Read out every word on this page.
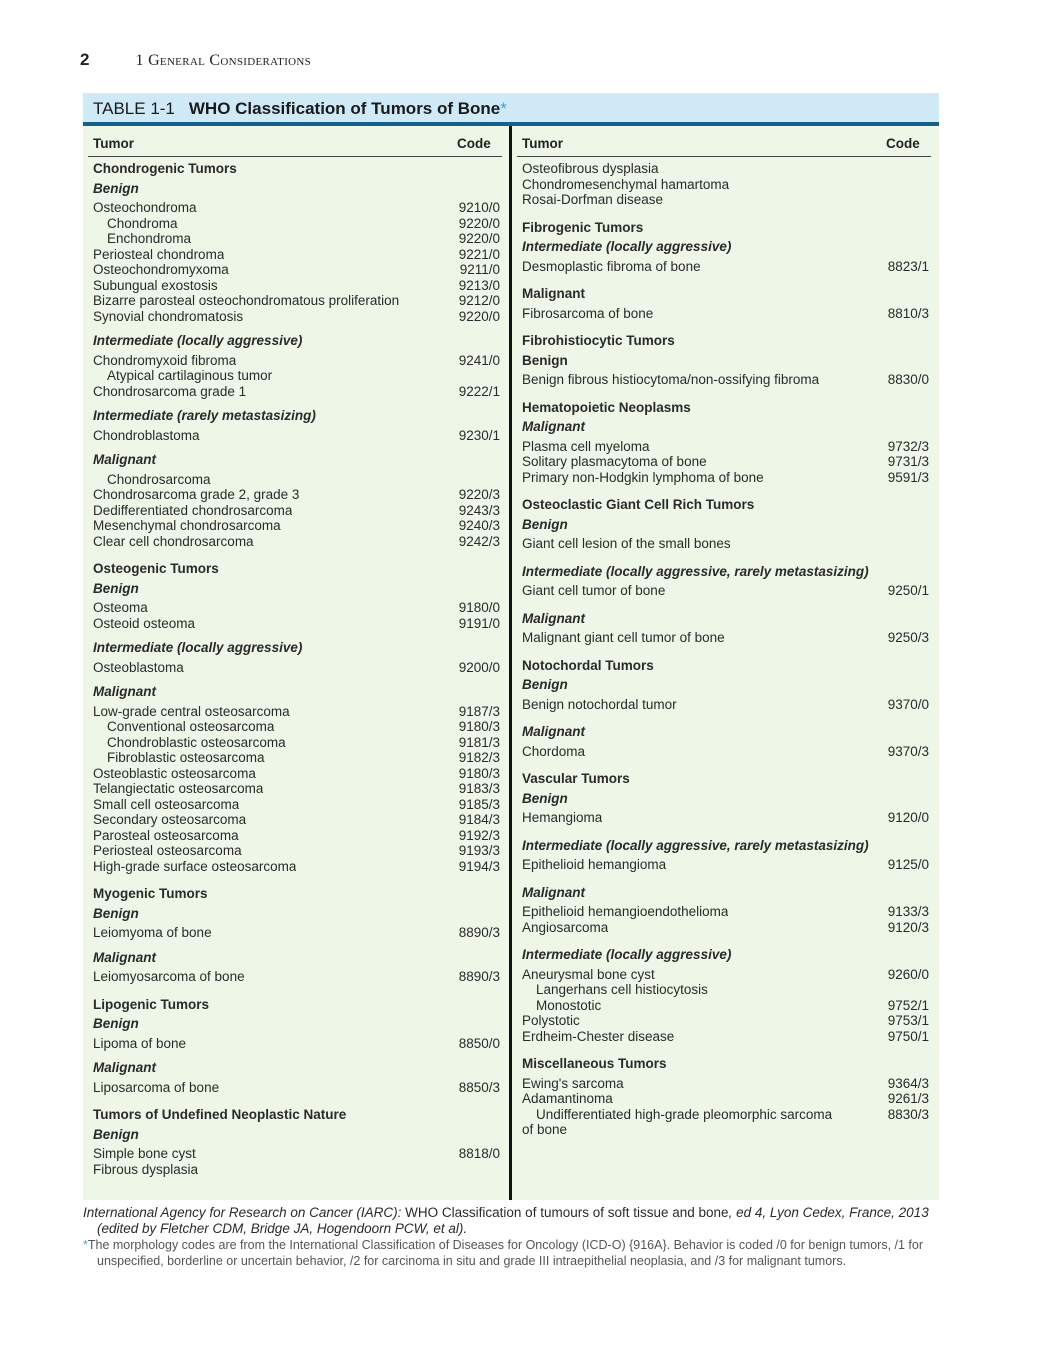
2	1 General Considerations
TABLE 1-1 WHO Classification of Tumors of Bone*
Tumor	Code Tumor	Code
Chondrogenic Tumors
Benign
Osteochondroma	9210/0
Chondroma	9220/0
Enchondroma	9220/0
Periosteal chondroma	9221/0
Osteochondromyxoma	9211/0
Subungual exostosis	9213/0
Bizarre parosteal osteochondromatous proliferation	9212/0
Synovial chondromatosis	9220/0
Intermediate (locally aggressive)
Chondromyxoid fibroma	9241/0
Atypical cartilaginous tumor
Chondrosarcoma grade 1	9222/1
Intermediate (rarely metastasizing)
Chondroblastoma	9230/1
Malignant
Chondrosarcoma
Chondrosarcoma grade 2, grade 3	9220/3
Dedifferentiated chondrosarcoma	9243/3
Mesenchymal chondrosarcoma	9240/3
Clear cell chondrosarcoma	9242/3
Osteogenic Tumors
Benign
Osteoma	9180/0
Osteoid osteoma	9191/0
Intermediate (locally aggressive)
Osteoblastoma	9200/0
Malignant
Low-grade central osteosarcoma	9187/3
Conventional osteosarcoma	9180/3
Chondroblastic osteosarcoma	9181/3
Fibroblastic osteosarcoma	9182/3
Osteoblastic osteosarcoma	9180/3
Telangiectatic osteosarcoma	9183/3
Small cell osteosarcoma	9185/3
Secondary osteosarcoma	9184/3
Parosteal osteosarcoma	9192/3
Periosteal osteosarcoma	9193/3
High-grade surface osteosarcoma	9194/3
Myogenic Tumors
Benign
Leiomyoma of bone	8890/3
Malignant
Leiomyosarcoma of bone	8890/3
Lipogenic Tumors
Benign
Lipoma of bone	8850/0
Malignant
Liposarcoma of bone	8850/3
Tumors of Undefined Neoplastic Nature
Benign
Simple bone cyst	8818/0
Fibrous dysplasia
Osteofibrous dysplasia
Chondromesenchymal hamartoma
Rosai-Dorfman disease
Fibrogenic Tumors
Intermediate (locally aggressive)
Desmoplastic fibroma of bone	8823/1
Malignant
Fibrosarcoma of bone	8810/3
Fibrohistiocytic Tumors
Benign
Benign fibrous histiocytoma/non-ossifying fibroma	8830/0
Hematopoietic Neoplasms
Malignant
Plasma cell myeloma	9732/3
Solitary plasmacytoma of bone	9731/3
Primary non-Hodgkin lymphoma of bone	9591/3
Osteoclastic Giant Cell Rich Tumors
Benign
Giant cell lesion of the small bones
Intermediate (locally aggressive, rarely metastasizing)
Giant cell tumor of bone	9250/1
Malignant
Malignant giant cell tumor of bone	9250/3
Notochordal Tumors
Benign
Benign notochordal tumor	9370/0
Malignant
Chordoma	9370/3
Vascular Tumors
Benign
Hemangioma	9120/0
Intermediate (locally aggressive, rarely metastasizing)
Epithelioid hemangioma	9125/0
Malignant
Epithelioid hemangioendothelioma	9133/3
Angiosarcoma	9120/3
Intermediate (locally aggressive)
Aneurysmal bone cyst	9260/0
Langerhans cell histiocytosis
Monostotic	9752/1
Polystotic	9753/1
Erdheim-Chester disease	9750/1
Miscellaneous Tumors
Ewing's sarcoma	9364/3
Adamantinoma	9261/3
Undifferentiated high-grade pleomorphic sarcoma	8830/3
of bone
International Agency for Research on Cancer (IARC): WHO Classification of tumours of soft tissue and bone, ed 4, Lyon Cedex, France, 2013 (edited by Fletcher CDM, Bridge JA, Hogendoorn PCW, et al).
*The morphology codes are from the International Classification of Diseases for Oncology (ICD-O) {916A}. Behavior is coded /0 for benign tumors, /1 for unspecified, borderline or uncertain behavior, /2 for carcinoma in situ and grade III intraepithelial neoplasia, and /3 for malignant tumors.
